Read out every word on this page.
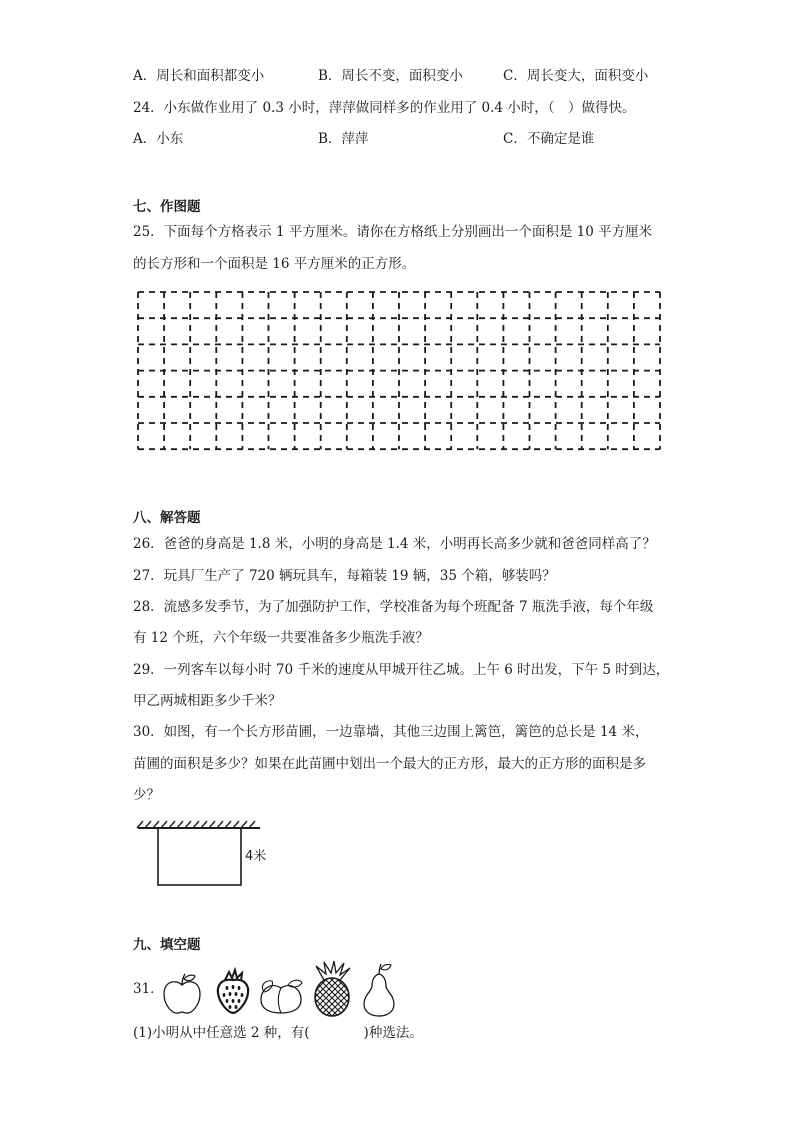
A．周长和面积都变小	B．周长不变，面积变小	C．周长变大，面积变小
24．小东做作业用了 0.3 小时，萍萍做同样多的作业用了 0.4 小时，（　）做得快。
A．小东	B．萍萍	C．不确定是谁
七、作图题
25．下面每个方格表示 1 平方厘米。请你在方格纸上分别画出一个面积是 10 平方厘米
的长方形和一个面积是 16 平方厘米的正方形。
八、解答题
26．爸爸的身高是 1.8 米，小明的身高是 1.4 米，小明再长高多少就和爸爸同样高了？
27．玩具厂生产了 720 辆玩具车，每箱装 19 辆，35 个箱，够装吗？
28．流感多发季节，为了加强防护工作，学校准备为每个班配备 7 瓶洗手液，每个年级
有 12 个班，六个年级一共要准备多少瓶洗手液？
29．一列客车以每小时 70 千米的速度从甲城开往乙城。上午 6 时出发，下午 5 时到达，
甲乙两城相距多少千米？
30．如图，有一个长方形苗圃，一边靠墙，其他三边围上篱笆，篱笆的总长是 14 米，
苗圃的面积是多少？如果在此苗圃中划出一个最大的正方形，最大的正方形的面积是多
少？
4米
九、填空题
31．
(1)小明从中任意选 2 种，有(　　　　)种选法。
